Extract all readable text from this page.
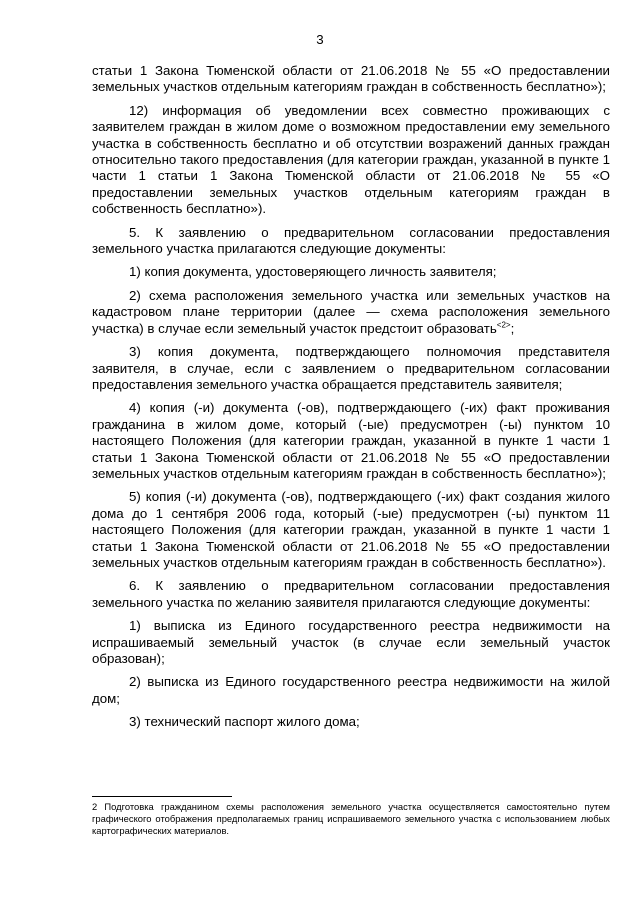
3

статьи 1 Закона Тюменской области от 21.06.2018 № 55 «О предоставлении земельных участков отдельным категориям граждан в собственность бесплатно»);

12) информация об уведомлении всех совместно проживающих с заявителем граждан в жилом доме о возможном предоставлении ему земельного участка в собственность бесплатно и об отсутствии возражений данных граждан относительно такого предоставления (для категории граждан, указанной в пункте 1 части 1 статьи 1 Закона Тюменской области от 21.06.2018 № 55 «О предоставлении земельных участков отдельным категориям граждан в собственность бесплатно»).

5. К заявлению о предварительном согласовании предоставления земельного участка прилагаются следующие документы:

1) копия документа, удостоверяющего личность заявителя;

2) схема расположения земельного участка или земельных участков на кадастровом плане территории (далее — схема расположения земельного участка) в случае если земельный участок предстоит образовать$^{<2>}$;

3) копия документа, подтверждающего полномочия представителя заявителя, в случае, если с заявлением о предварительном согласовании предоставления земельного участка обращается представитель заявителя;

4) копия (-и) документа (-ов), подтверждающего (-их) факт проживания гражданина в жилом доме, который (-ые) предусмотрен (-ы) пунктом 10 настоящего Положения (для категории граждан, указанной в пункте 1 части 1 статьи 1 Закона Тюменской области от 21.06.2018 № 55 «О предоставлении земельных участков отдельным категориям граждан в собственность бесплатно»);

5) копия (-и) документа (-ов), подтверждающего (-их) факт создания жилого дома до 1 сентября 2006 года, который (-ые) предусмотрен (-ы) пунктом 11 настоящего Положения (для категории граждан, указанной в пункте 1 части 1 статьи 1 Закона Тюменской области от 21.06.2018 № 55 «О предоставлении земельных участков отдельным категориям граждан в собственность бесплатно»).

6. К заявлению о предварительном согласовании предоставления земельного участка по желанию заявителя прилагаются следующие документы:

1) выписка из Единого государственного реестра недвижимости на испрашиваемый земельный участок (в случае если земельный участок образован);

2) выписка из Единого государственного реестра недвижимости на жилой дом;

3) технический паспорт жилого дома;

2 Подготовка гражданином схемы расположения земельного участка осуществляется самостоятельно путем графического отображения предполагаемых границ испрашиваемого земельного участка с использованием любых картографических материалов.
